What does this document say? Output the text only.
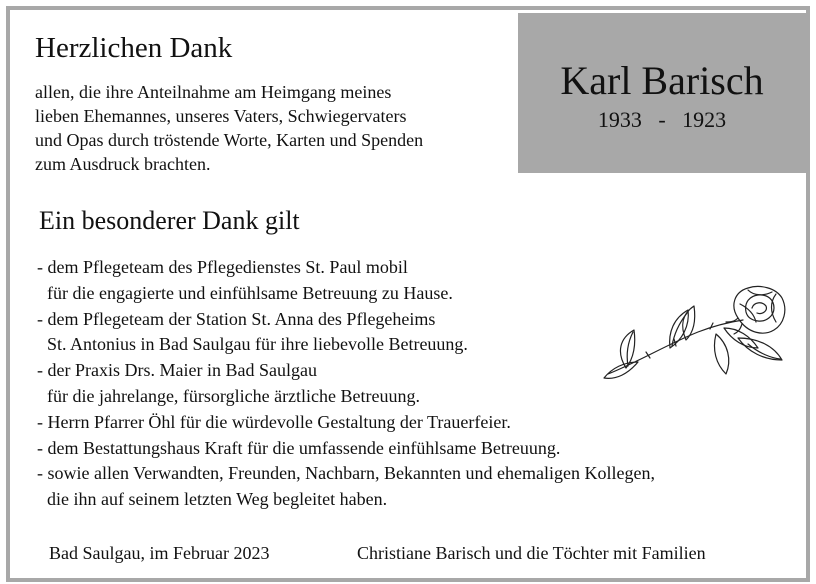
Karl Barisch
1933   -   1923
Herzlichen Dank
allen, die ihre Anteilnahme am Heimgang meines
lieben Ehemannes, unseres Vaters, Schwiegervaters
und Opas durch tröstende Worte, Karten und Spenden
zum Ausdruck brachten.
Ein besonderer Dank gilt
- dem Pflegeteam des Pflegedienstes St. Paul mobil
für die engagierte und einfühlsame Betreuung zu Hause.
- dem Pflegeteam der Station St. Anna des Pflegeheims
St. Antonius in Bad Saulgau für ihre liebevolle Betreuung.
- der Praxis Drs. Maier in Bad Saulgau
für die jahrelange, fürsorgliche ärztliche Betreuung.
- Herrn Pfarrer Öhl für die würdevolle Gestaltung der Trauerfeier.
- dem Bestattungshaus Kraft für die umfassende einfühlsame Betreuung.
- sowie allen Verwandten, Freunden, Nachbarn, Bekannten und ehemaligen Kollegen,
die ihn auf seinem letzten Weg begleitet haben.
Bad Saulgau, im Februar 2023	Christiane Barisch und die Töchter mit Familien
